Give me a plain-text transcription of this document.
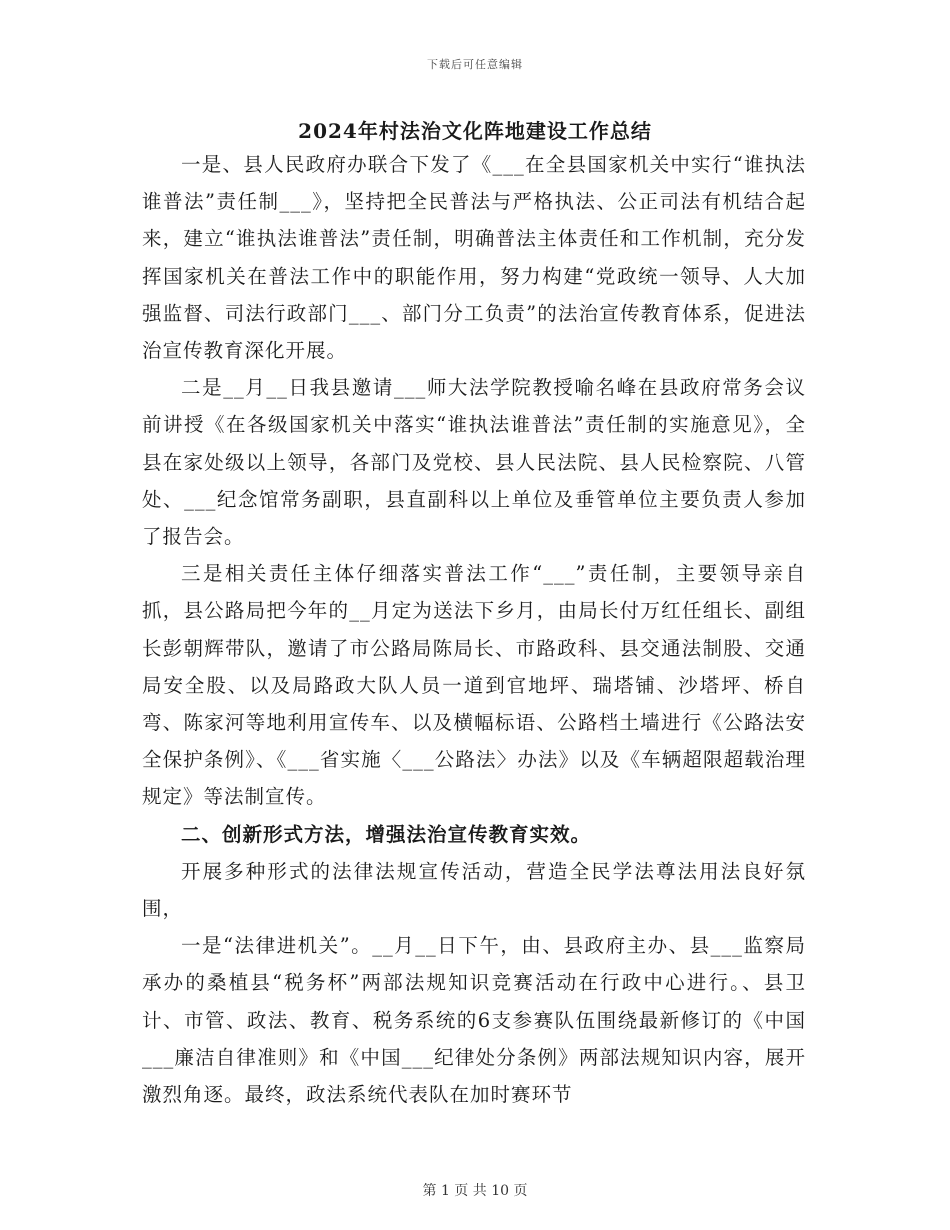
下载后可任意编辑
2024年村法治文化阵地建设工作总结

一是、县人民政府办联合下发了《___在全县国家机关中实行“谁执法谁普法”责任制___》，坚持把全民普法与严格执法、公正司法有机结合起来，建立“谁执法谁普法”责任制，明确普法主体责任和工作机制，充分发挥国家机关在普法工作中的职能作用，努力构建“党政统一领导、人大加强监督、司法行政部门___、部门分工负责”的法治宣传教育体系，促进法治宣传教育深化开展。

二是__月__日我县邀请___师大法学院教授喻名峰在县政府常务会议前讲授《在各级国家机关中落实“谁执法谁普法”责任制的实施意见》，全县在家处级以上领导，各部门及党校、县人民法院、县人民检察院、八管处、___纪念馆常务副职，县直副科以上单位及垂管单位主要负责人参加了报告会。

三是相关责任主体仔细落实普法工作“___”责任制，主要领导亲自抓，县公路局把今年的__月定为送法下乡月，由局长付万红任组长、副组长彭朝辉带队，邀请了市公路局陈局长、市路政科、县交通法制股、交通局安全股、以及局路政大队人员一道到官地坪、瑞塔铺、沙塔坪、桥自弯、陈家河等地利用宣传车、以及横幅标语、公路档土墙进行《公路法安全保护条例》、《___省实施〈___公路法〉办法》以及《车辆超限超载治理规定》等法制宣传。

二、创新形式方法，增强法治宣传教育实效。

开展多种形式的法律法规宣传活动，营造全民学法尊法用法良好氛围，

一是“法律进机关”。__月__日下午，由、县政府主办、县___监察局承办的桑植县“税务杯”两部法规知识竞赛活动在行政中心进行。、县卫计、市管、政法、教育、税务系统的6支参赛队伍围绕最新修订的《中国___廉洁自律准则》和《中国___纪律处分条例》两部法规知识内容，展开激烈角逐。最终，政法系统代表队在加时赛环节

第 1 页 共 10 页
